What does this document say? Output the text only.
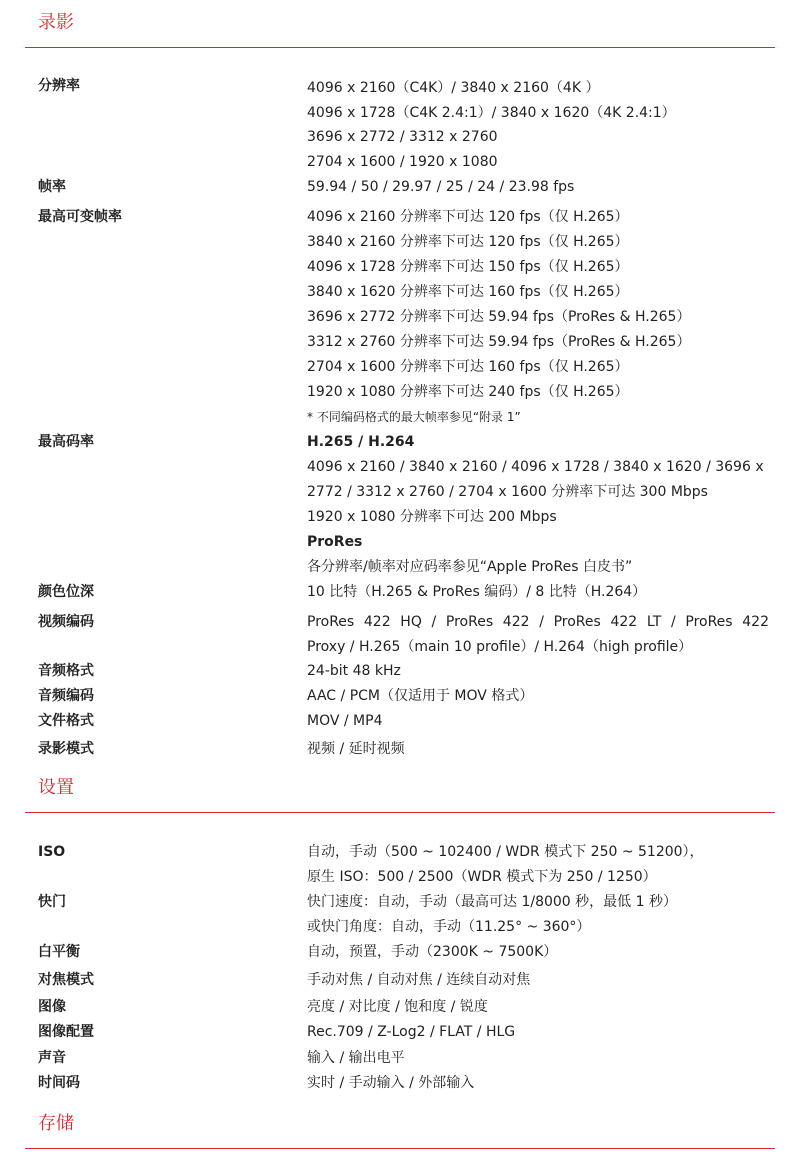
录影
分辨率	4096 x 2160（C4K）/ 3840 x 2160（4K ）
4096 x 1728（C4K 2.4:1）/ 3840 x 1620（4K 2.4:1）
3696 x 2772 / 3312 x 2760
2704 x 1600 / 1920 x 1080
帧率	59.94 / 50 / 29.97 / 25 / 24 / 23.98 fps
最高可变帧率	4096 x 2160 分辨率下可达 120 fps（仅 H.265）
3840 x 2160 分辨率下可达 120 fps（仅 H.265）
4096 x 1728 分辨率下可达 150 fps（仅 H.265）
3840 x 1620 分辨率下可达 160 fps（仅 H.265）
3696 x 2772 分辨率下可达 59.94 fps（ProRes & H.265）
3312 x 2760 分辨率下可达 59.94 fps（ProRes & H.265）
2704 x 1600 分辨率下可达 160 fps（仅 H.265）
1920 x 1080 分辨率下可达 240 fps（仅 H.265）
* 不同编码格式的最大帧率参见“附录 1”
最高码率	H.265 / H.264
4096 x 2160 / 3840 x 2160 / 4096 x 1728 / 3840 x 1620 / 3696 x
2772 / 3312 x 2760 / 2704 x 1600 分辨率下可达 300 Mbps
1920 x 1080 分辨率下可达 200 Mbps
ProRes
各分辨率/帧率对应码率参见“Apple ProRes 白皮书”
颜色位深	10 比特（H.265 & ProRes 编码）/ 8 比特（H.264）
视频编码	ProRes 422 HQ / ProRes 422 / ProRes 422 LT / ProRes 422
Proxy / H.265（main 10 profile）/ H.264（high profile）
音频格式	24-bit 48 kHz
音频编码	AAC / PCM（仅适用于 MOV 格式）
文件格式	MOV / MP4
录影模式	视频 / 延时视频
设置
ISO	自动，手动（500 ~ 102400 / WDR 模式下 250 ~ 51200），
原生 ISO：500 / 2500（WDR 模式下为 250 / 1250）
快门	快门速度：自动，手动（最高可达 1/8000 秒，最低 1 秒）
或快门角度：自动，手动（11.25° ~ 360°）
白平衡	自动，预置，手动（2300K ~ 7500K）
对焦模式	手动对焦 / 自动对焦 / 连续自动对焦
图像	亮度 / 对比度 / 饱和度 / 锐度
图像配置	Rec.709 / Z-Log2 / FLAT / HLG
声音	输入 / 输出电平
时间码	实时 / 手动输入 / 外部输入
存储
